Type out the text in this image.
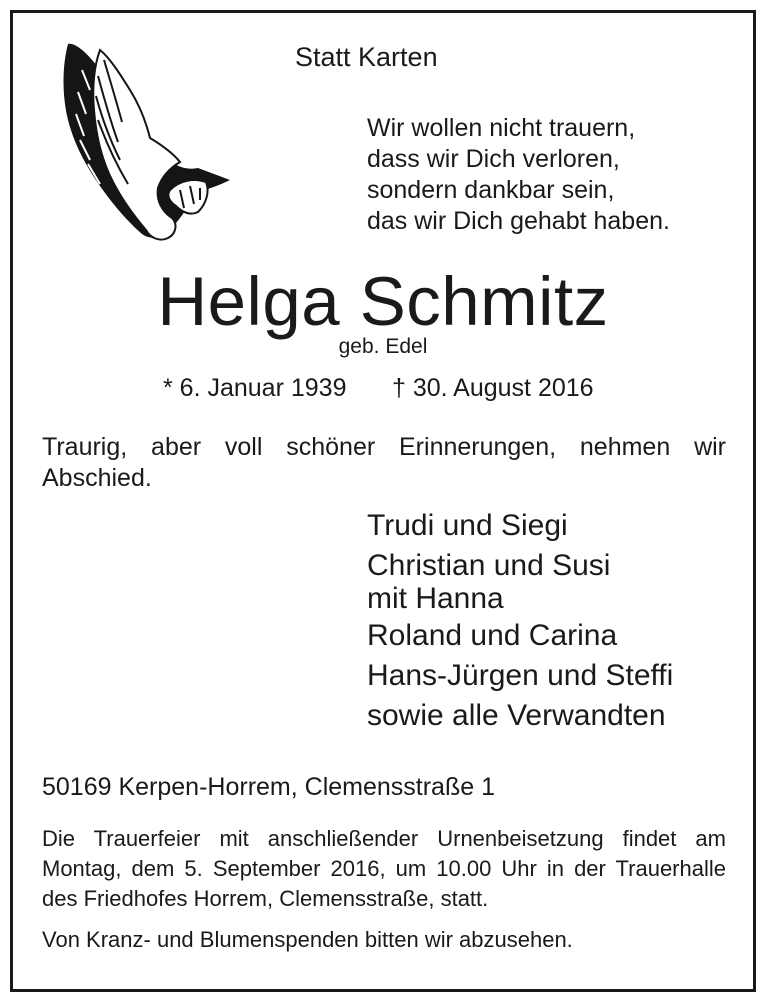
Statt Karten
Wir wollen nicht trauern,
dass wir Dich verloren,
sondern dankbar sein,
das wir Dich gehabt haben.
Helga Schmitz
geb. Edel
* 6. Januar 1939 † 30. August 2016
Traurig, aber voll schöner Erinnerungen, nehmen wir Abschied.
Trudi und Siegi
Christian und Susi
mit Hanna
Roland und Carina
Hans-Jürgen und Steffi
sowie alle Verwandten
50169 Kerpen-Horrem, Clemensstraße 1
Die Trauerfeier mit anschließender Urnenbeisetzung findet am Montag, dem 5. September 2016, um 10.00 Uhr in der Trauerhalle des Friedhofes Horrem, Clemensstraße, statt.
Von Kranz- und Blumenspenden bitten wir abzusehen.
